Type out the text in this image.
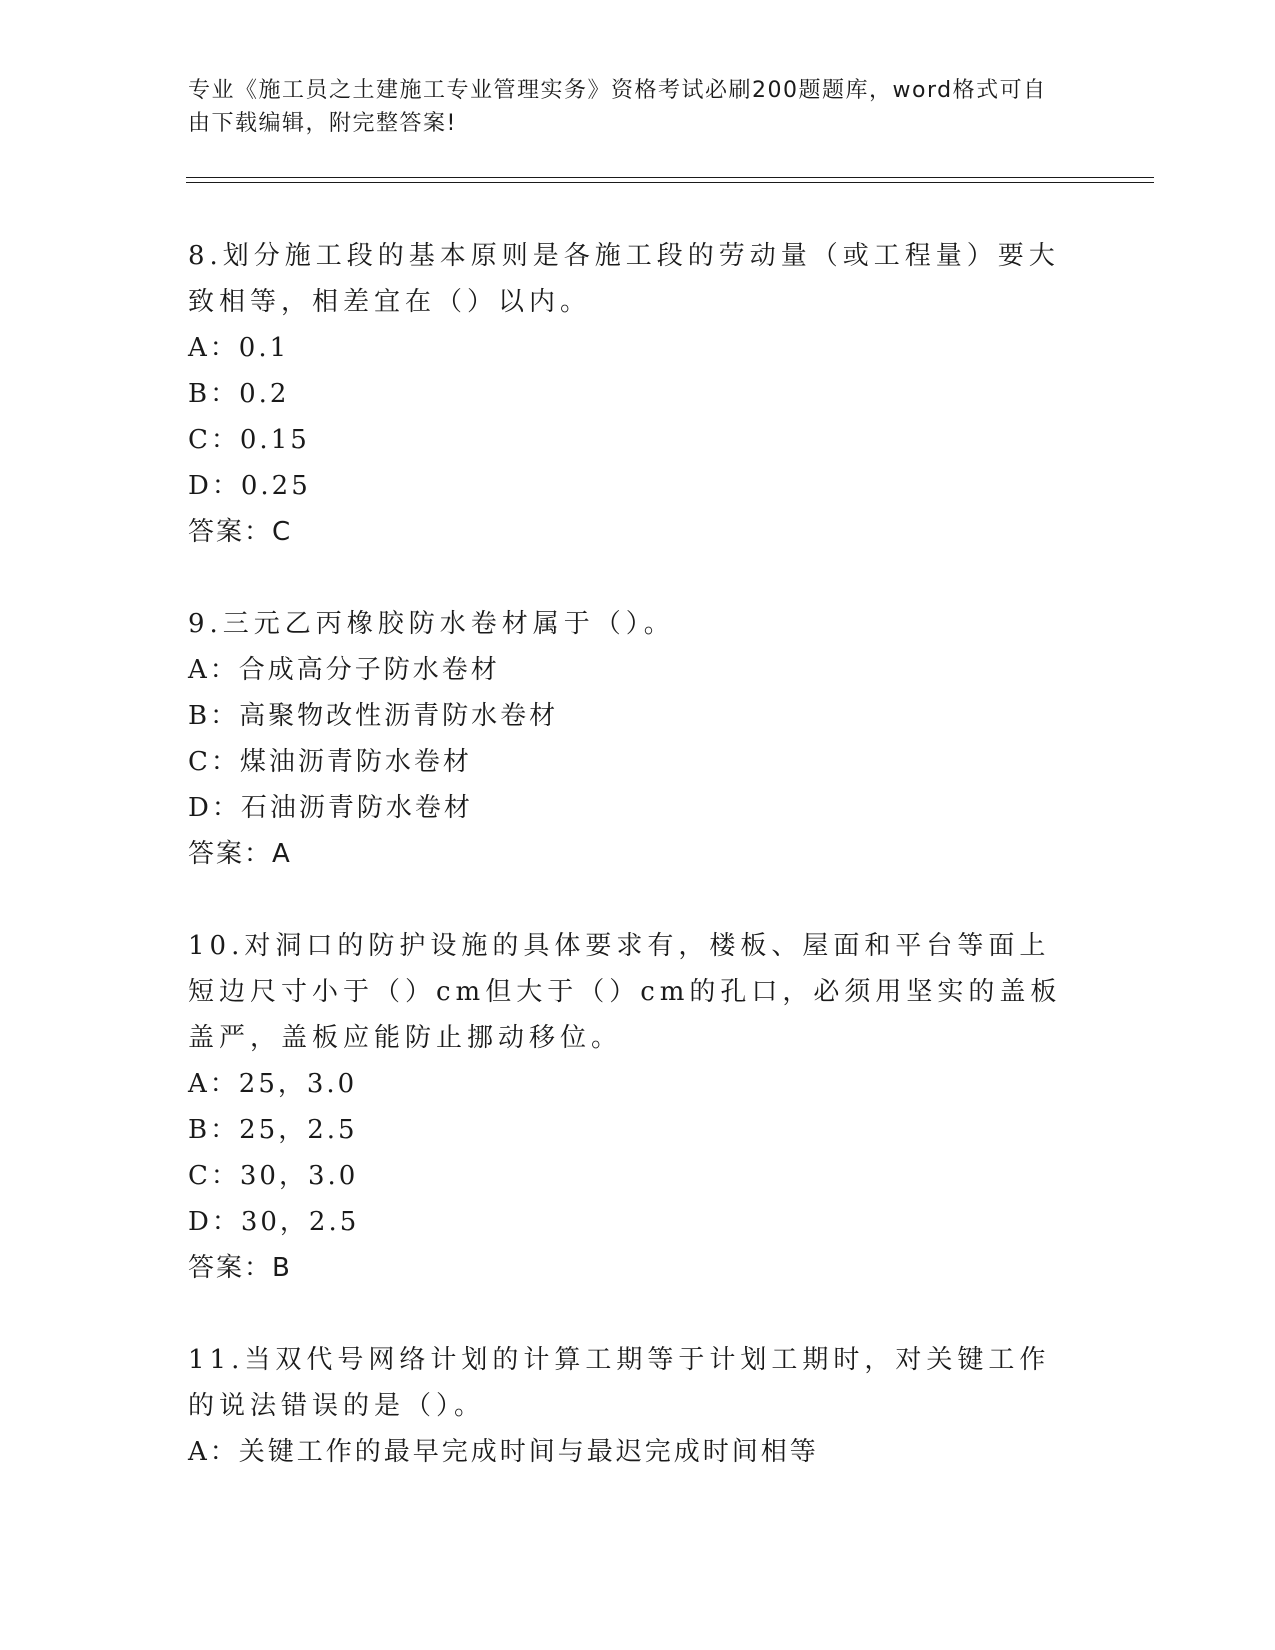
专业《施工员之土建施工专业管理实务》资格考试必刷200题题库，word格式可自由下载编辑，附完整答案!

8.划分施工段的基本原则是各施工段的劳动量（或工程量）要大致相等，相差宜在（）以内。

A：0.1

B：0.2

C：0.15

D：0.25

答案：C

9.三元乙丙橡胶防水卷材属于（）。

A：合成高分子防水卷材

B：高聚物改性沥青防水卷材

C：煤油沥青防水卷材

D：石油沥青防水卷材

答案：A

10.对洞口的防护设施的具体要求有，楼板、屋面和平台等面上短边尺寸小于（）cm但大于（）cm的孔口，必须用坚实的盖板盖严，盖板应能防止挪动移位。

A：25，3.0

B：25，2.5

C：30，3.0

D：30，2.5

答案：B

11.当双代号网络计划的计算工期等于计划工期时，对关键工作的说法错误的是（）。

A：关键工作的最早完成时间与最迟完成时间相等
